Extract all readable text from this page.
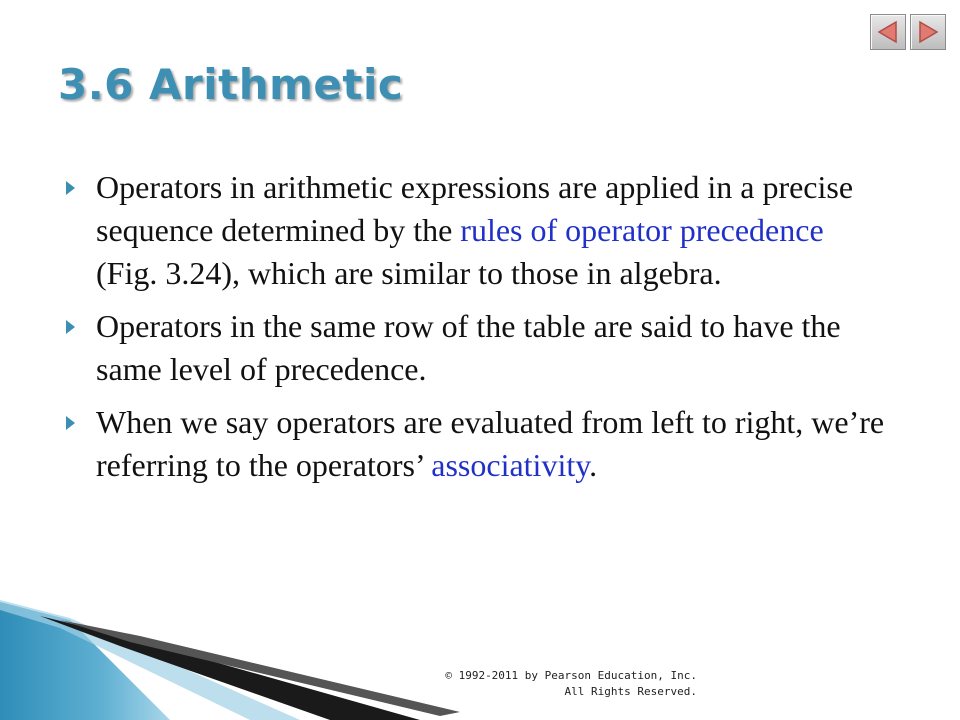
3.6 Arithmetic
Operators in arithmetic expressions are applied in a precise sequence determined by the rules of operator precedence (Fig. 3.24), which are similar to those in algebra.
Operators in the same row of the table are said to have the same level of precedence.
When we say operators are evaluated from left to right, we’re referring to the operators’ associativity.
© 1992-2011 by Pearson Education, Inc.
All Rights Reserved.
